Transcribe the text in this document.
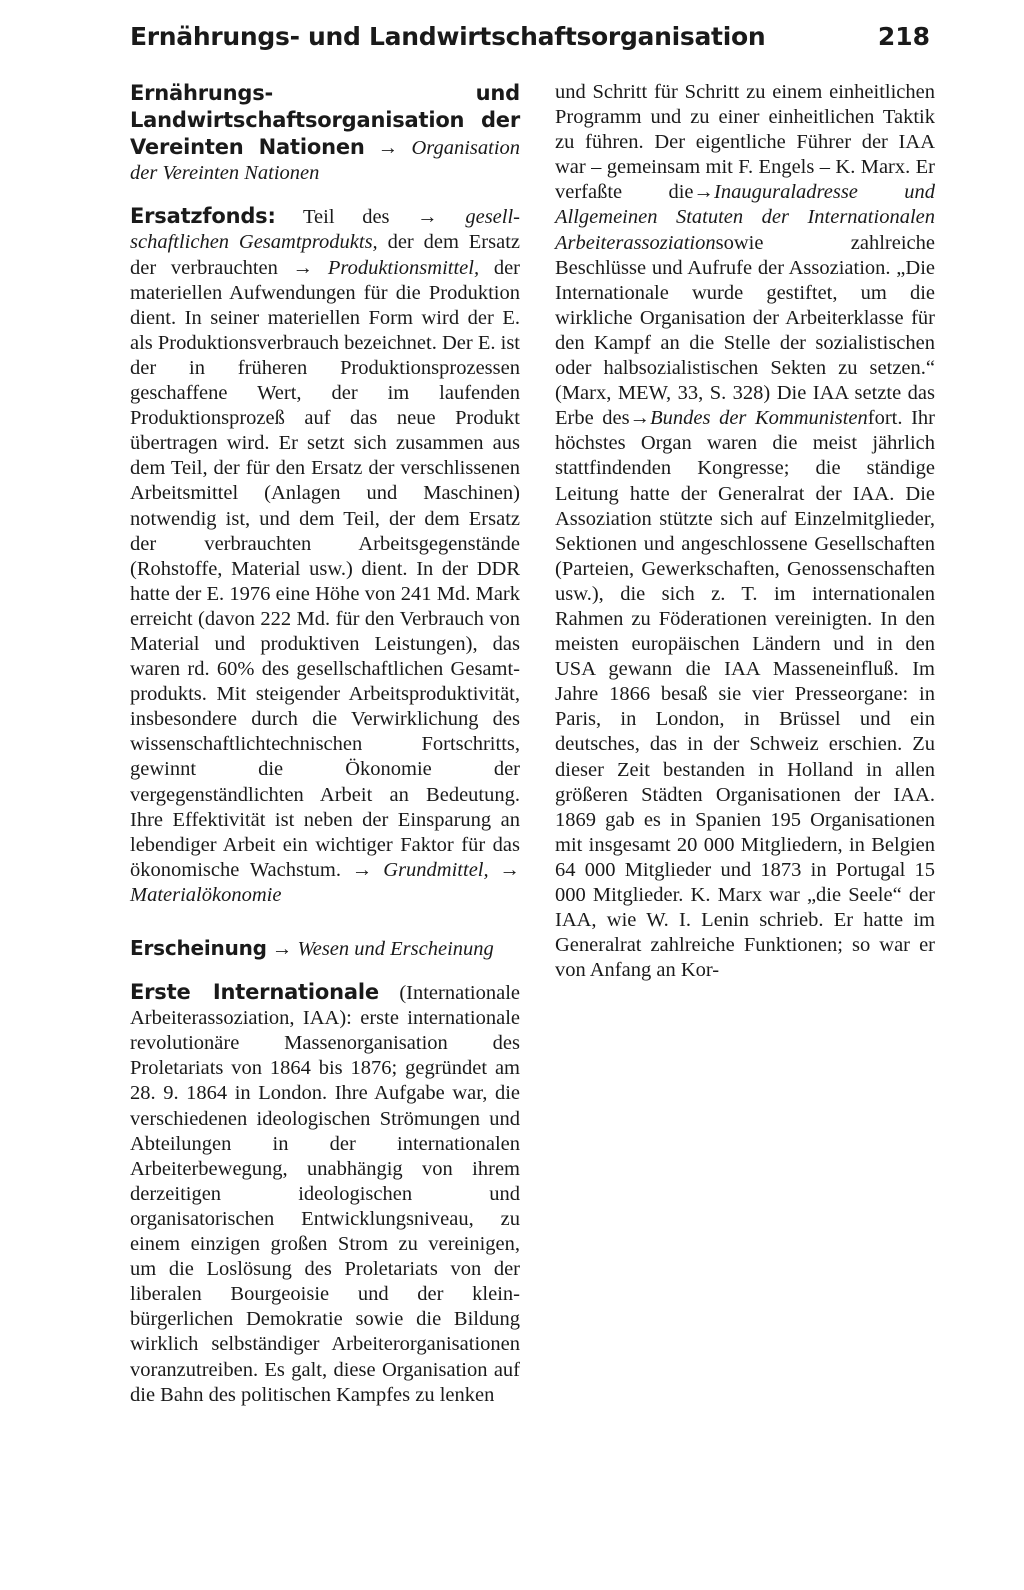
Ernährungs- und Landwirtschaftsorganisation	218

Ernährungs- und Landwirtschaftsorganisation der Vereinten Nationen → Organisation der Vereinten Nationen

Ersatzfonds: Teil des → gesellschaftlichen Gesamtprodukts, der dem Ersatz der verbrauchten → Produktionsmittel, der materiellen Aufwendungen für die Produktion dient. In seiner materiellen Form wird der E. als Produktionsverbrauch bezeichnet. Der E. ist der in früheren Produktionsprozessen geschaffene Wert, der im laufenden Produktionsprozeß auf das neue Produkt übertragen wird. Er setzt sich zusammen aus dem Teil, der für den Ersatz der verschlissenen Arbeitsmittel (Anlagen und Maschinen) notwendig ist, und dem Teil, der dem Ersatz der verbrauchten Arbeitsgegenstände (Rohstoffe, Material usw.) dient. In der DDR hatte der E. 1976 eine Höhe von 241 Md. Mark erreicht (davon 222 Md. für den Verbrauch von Material und produktiven Leistungen), das waren rd. 60% des gesellschaftlichen Gesamtprodukts. Mit steigender Arbeitsproduktivität, insbesondere durch die Verwirklichung des wissenschaftlichtechnischen Fortschritts, gewinnt die Ökonomie der vergegenständlichten Arbeit an Bedeutung. Ihre Effektivität ist neben der Einsparung an lebendiger Arbeit ein wichtiger Faktor für das ökonomische Wachstum. → Grundmittel, → Materialökonomie

Erscheinung → Wesen und Erscheinung

Erste Internationale (Internationale Arbeiterassoziation, IAA): erste internationale revolutionäre Massenorganisation des Proletariats von 1864 bis 1876; gegründet am 28. 9. 1864 in London. Ihre Aufgabe war, die verschiedenen ideologischen Strömungen und Abteilungen in der internationalen Arbeiterbewegung, unabhängig von ihrem derzeitigen ideologischen und organisatorischen Entwicklungsniveau, zu einem einzigen großen Strom zu vereinigen, um die Loslösung des Proletariats von der liberalen Bourgeoisie und der kleinbürgerlichen Demokratie sowie die Bildung wirklich selbständiger Arbeiterorganisationen voranzutreiben. Es galt, diese Organisation auf die Bahn des politischen Kampfes zu lenken

und Schritt für Schritt zu einem einheitlichen Programm und zu einer einheitlichen Taktik zu führen. Der eigentliche Führer der IAA war – gemeinsam mit F. Engels – K. Marx. Er verfaßte die→Inauguraladresse und Allgemeinen Statuten der Internationalen Arbeiterassoziationsowie zahlreiche Beschlüsse und Aufrufe der Assoziation. „Die Internationale wurde gestiftet, um die wirkliche Organisation der Arbeiterklasse für den Kampf an die Stelle der sozialistischen oder halbsozialistischen Sekten zu setzen.“ (Marx, MEW, 33, S. 328) Die IAA setzte das Erbe des→Bundes der Kommunistenfort. Ihr höchstes Organ waren die meist jährlich stattfindenden Kongresse; die ständige Leitung hatte der Generalrat der IAA. Die Assoziation stützte sich auf Einzelmitglieder, Sektionen und angeschlossene Gesellschaften (Parteien, Gewerkschaften, Genossenschaften usw.), die sich z. T. im internationalen Rahmen zu Föderationen vereinigten. In den meisten europäischen Ländern und in den USA gewann die IAA Masseneinfluß. Im Jahre 1866 besaß sie vier Presseorgane: in Paris, in London, in Brüssel und ein deutsches, das in der Schweiz erschien. Zu dieser Zeit bestanden in Holland in allen größeren Städten Organisationen der IAA. 1869 gab es in Spanien 195 Organisationen mit insgesamt 20 000 Mitgliedern, in Belgien 64 000 Mitglieder und 1873 in Portugal 15 000 Mitglieder. K. Marx war „die Seele“ der IAA, wie W. I. Lenin schrieb. Er hatte im Generalrat zahlreiche Funktionen; so war er von Anfang an Kor-
